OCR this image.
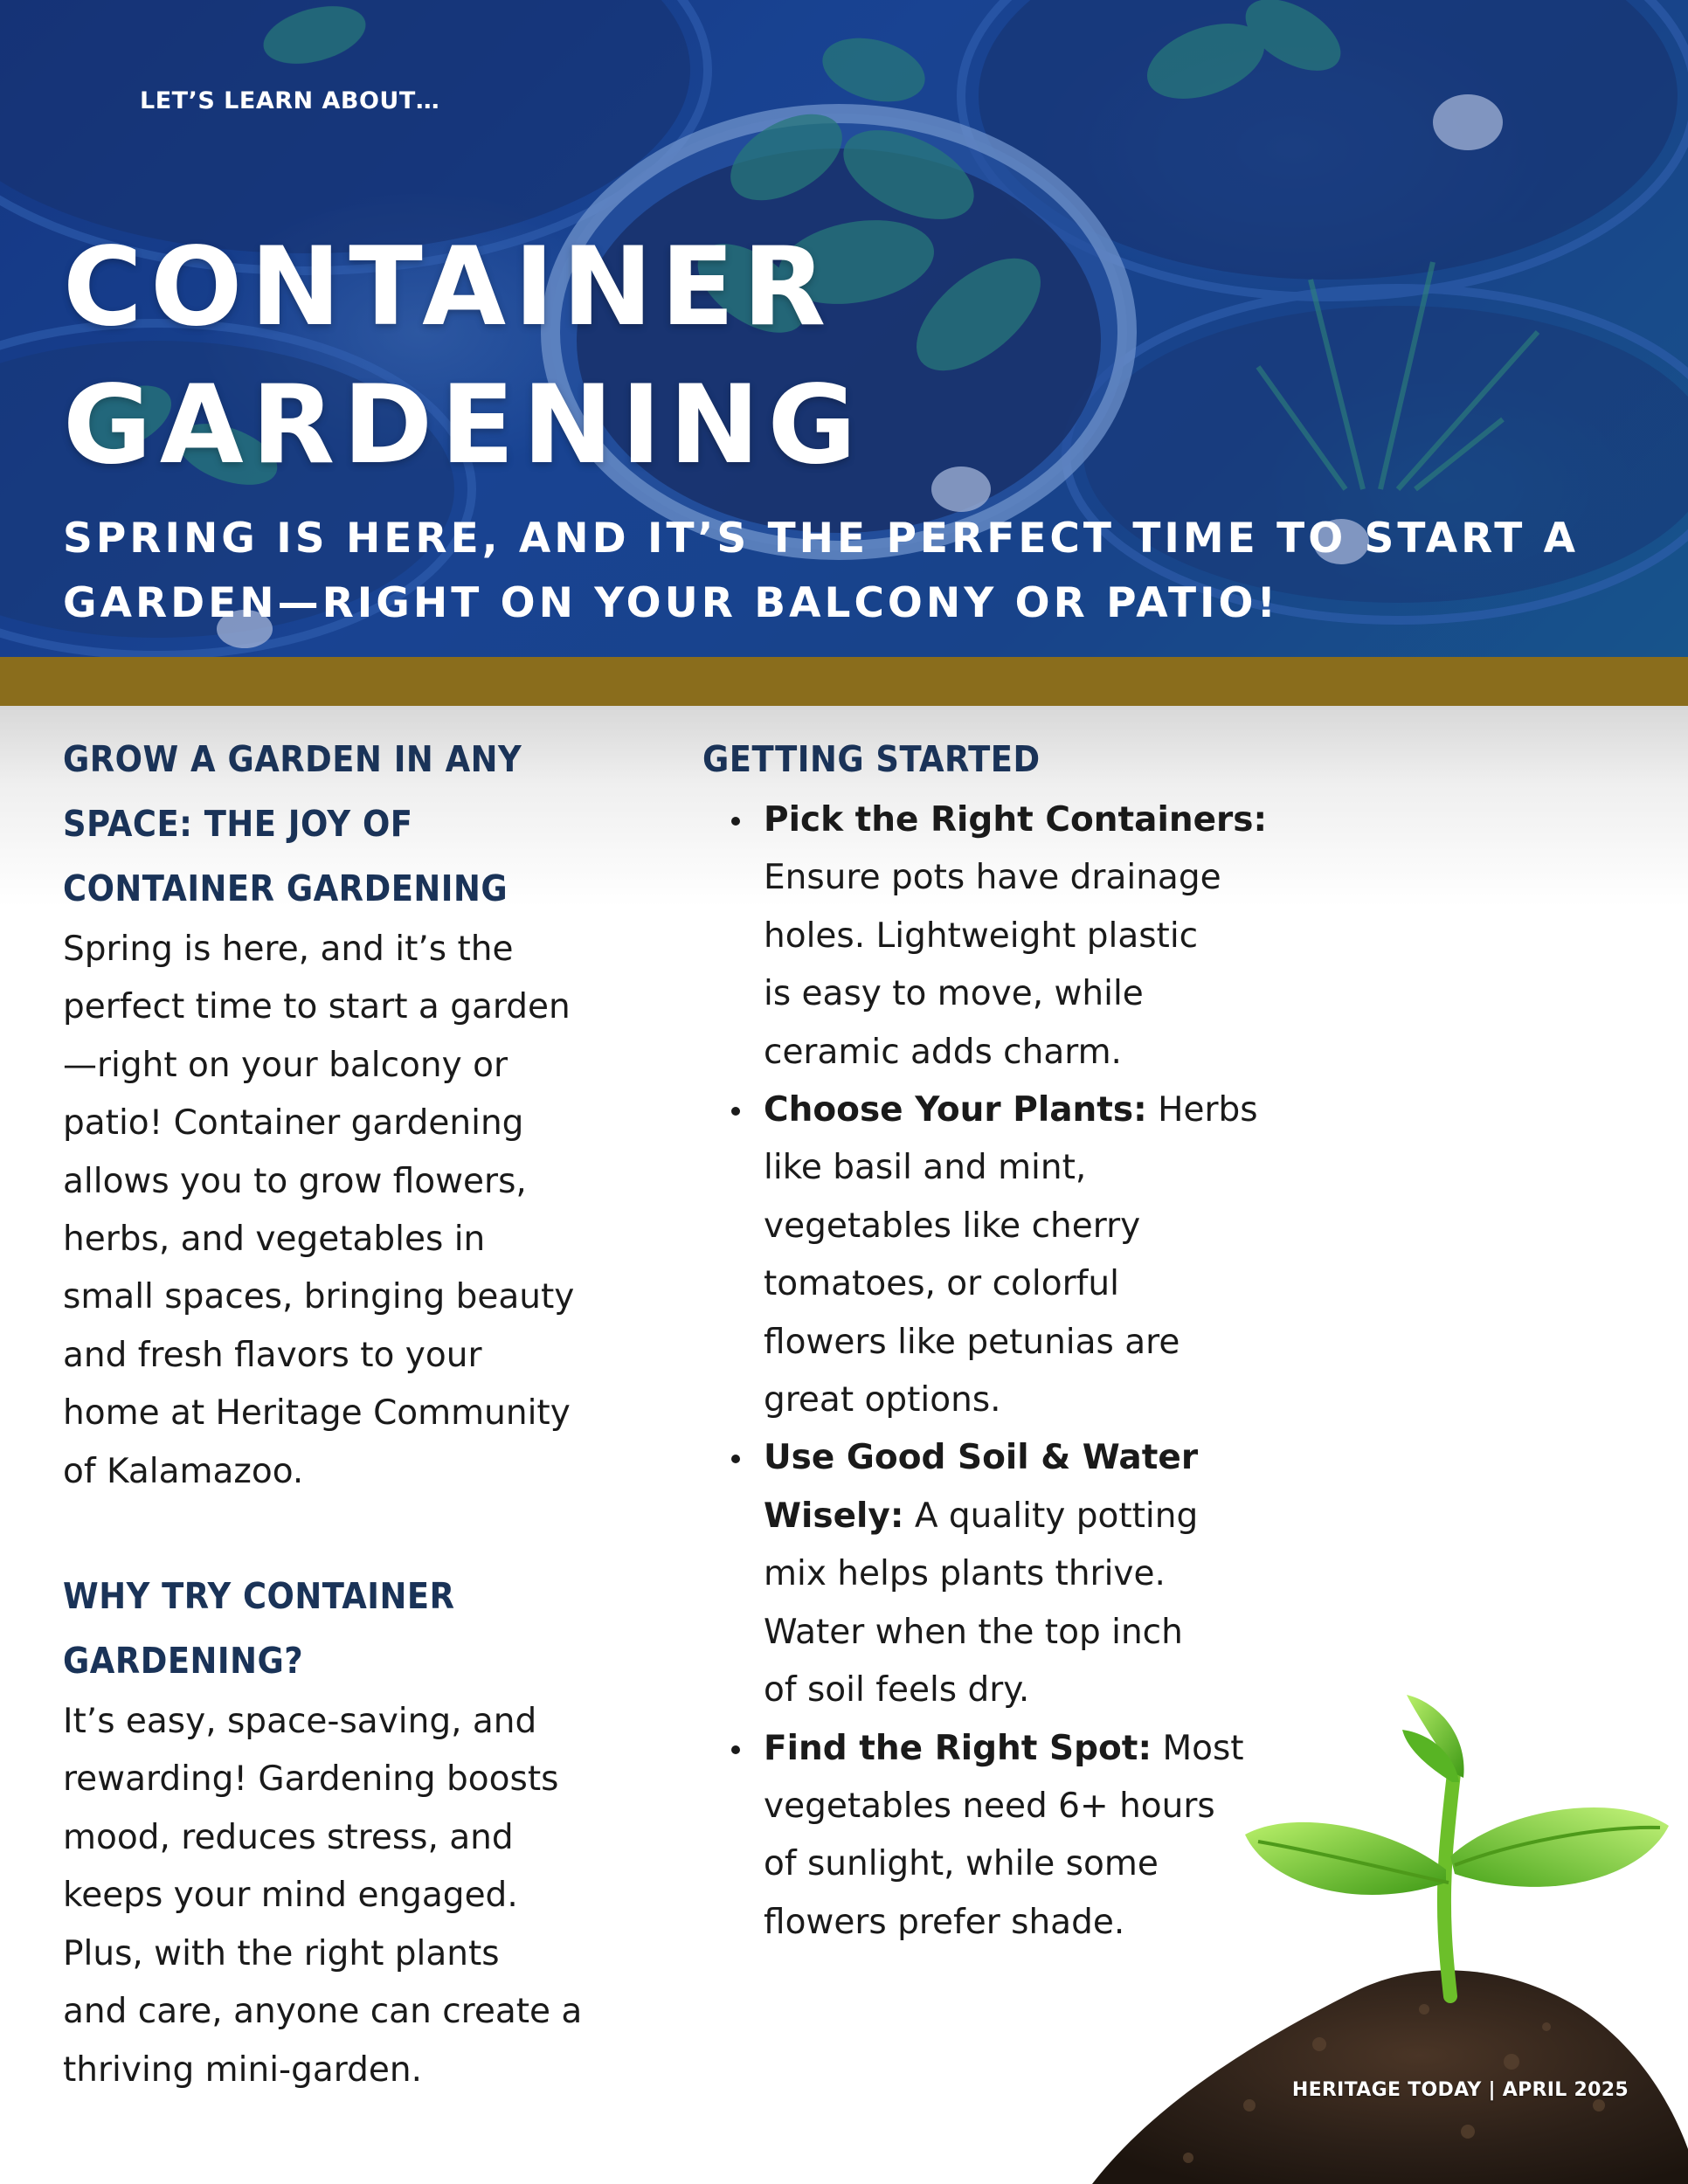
LET’S LEARN ABOUT…
CONTAINER
GARDENING
SPRING IS HERE, AND IT’S THE PERFECT TIME TO START A
GARDEN—RIGHT ON YOUR BALCONY OR PATIO!
GROW A GARDEN IN ANY
SPACE: THE JOY OF
CONTAINER GARDENING
Spring is here, and it’s the
perfect time to start a garden
—right on your balcony or
patio! Container gardening
allows you to grow flowers,
herbs, and vegetables in
small spaces, bringing beauty
and fresh flavors to your
home at Heritage Community
of Kalamazoo.
WHY TRY CONTAINER
GARDENING?
It’s easy, space-saving, and
rewarding! Gardening boosts
mood, reduces stress, and
keeps your mind engaged.
Plus, with the right plants
and care, anyone can create a
thriving mini-garden.
GETTING STARTED
Pick the Right Containers:
Ensure pots have drainage
holes. Lightweight plastic
is easy to move, while
ceramic adds charm.
Choose Your Plants: Herbs
like basil and mint,
vegetables like cherry
tomatoes, or colorful
flowers like petunias are
great options.
Use Good Soil & Water
Wisely: A quality potting
mix helps plants thrive.
Water when the top inch
of soil feels dry.
Find the Right Spot: Most
vegetables need 6+ hours
of sunlight, while some
flowers prefer shade.
HERITAGE TODAY | APRIL 2025
